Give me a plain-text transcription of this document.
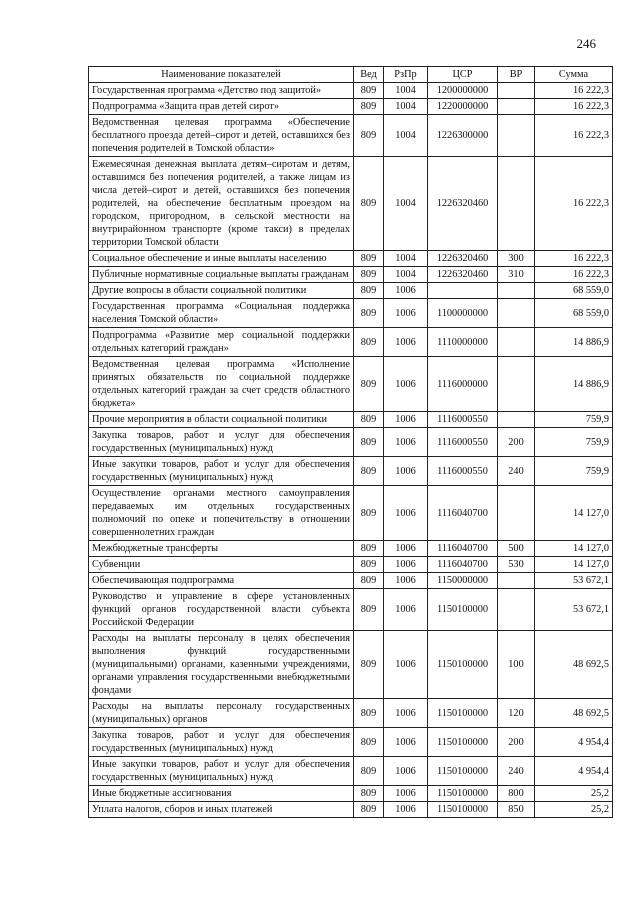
246
Наименование показателей	Вед	РзПр	ЦСР	ВР	Сумма
Государственная программа «Детство под защитой»	809	1004	1200000000		16 222,3
Подпрограмма «Защита прав детей сирот»	809	1004	1220000000		16 222,3
Ведомственная целевая программа «Обеспечение бесплатного проезда детей–сирот и детей, оставшихся без попечения родителей в Томской области»	809	1004	1226300000		16 222,3
Ежемесячная денежная выплата детям–сиротам и детям, оставшимся без попечения родителей, а также лицам из числа детей–сирот и детей, оставшихся без попечения родителей, на обеспечение бесплатным проездом на городском, пригородном, в сельской местности на внутрирайонном транспорте (кроме такси) в пределах территории Томской области	809	1004	1226320460		16 222,3
Социальное обеспечение и иные выплаты населению	809	1004	1226320460	300	16 222,3
Публичные нормативные социальные выплаты гражданам	809	1004	1226320460	310	16 222,3
Другие вопросы в области социальной политики	809	1006			68 559,0
Государственная программа «Социальная поддержка населения Томской области»	809	1006	1100000000		68 559,0
Подпрограмма «Развитие мер социальной поддержки отдельных категорий граждан»	809	1006	1110000000		14 886,9
Ведомственная целевая программа «Исполнение принятых обязательств по социальной поддержке отдельных категорий граждан за счет средств областного бюджета»	809	1006	1116000000		14 886,9
Прочие мероприятия в области социальной политики	809	1006	1116000550		759,9
Закупка товаров, работ и услуг для обеспечения государственных (муниципальных) нужд	809	1006	1116000550	200	759,9
Иные закупки товаров, работ и услуг для обеспечения государственных (муниципальных) нужд	809	1006	1116000550	240	759,9
Осуществление органами местного самоуправления передаваемых им отдельных государственных полномочий по опеке и попечительству в отношении совершеннолетних граждан	809	1006	1116040700		14 127,0
Межбюджетные трансферты	809	1006	1116040700	500	14 127,0
Субвенции	809	1006	1116040700	530	14 127,0
Обеспечивающая подпрограмма	809	1006	1150000000		53 672,1
Руководство и управление в сфере установленных функций органов государственной власти субъекта Российской Федерации	809	1006	1150100000		53 672,1
Расходы на выплаты персоналу в целях обеспечения выполнения функций государственными (муниципальными) органами, казенными учреждениями, органами управления государственными внебюджетными фондами	809	1006	1150100000	100	48 692,5
Расходы на выплаты персоналу государственных (муниципальных) органов	809	1006	1150100000	120	48 692,5
Закупка товаров, работ и услуг для обеспечения государственных (муниципальных) нужд	809	1006	1150100000	200	4 954,4
Иные закупки товаров, работ и услуг для обеспечения государственных (муниципальных) нужд	809	1006	1150100000	240	4 954,4
Иные бюджетные ассигнования	809	1006	1150100000	800	25,2
Уплата налогов, сборов и иных платежей	809	1006	1150100000	850	25,2
